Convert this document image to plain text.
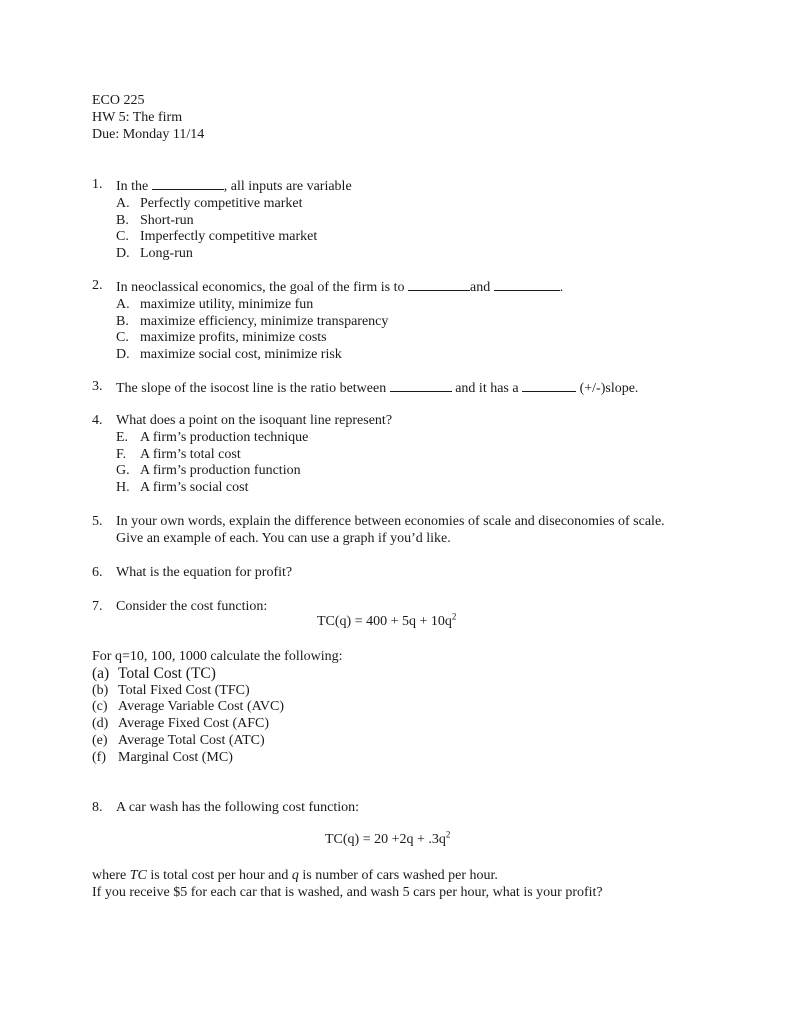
ECO 225
HW 5: The firm
Due: Monday 11/14
1. In the	, all inputs are variable
A. Perfectly competitive market
B. Short-run
C. Imperfectly competitive market
D. Long-run
2. In neoclassical economics, the goal of the firm is to	and	.
A. maximize utility, minimize fun
B. maximize efficiency, minimize transparency
C. maximize profits, minimize costs
D. maximize social cost, minimize risk
3. The slope of the isocost line is the ratio between	and it has a	(+/-)slope.
4. What does a point on the isoquant line represent?
E. A firm’s production technique
F. A firm’s total cost
G. A firm’s production function
H. A firm’s social cost
5. In your own words, explain the difference between economies of scale and diseconomies of scale. Give an example of each. You can use a graph if you’d like.
6. What is the equation for profit?
7. Consider the cost function:
$TC(q) = 400 + 5q + 10q^2$
For q=10, 100, 1000 calculate the following:
(a) Total Cost (TC)
(b) Total Fixed Cost (TFC)
(c) Average Variable Cost (AVC)
(d) Average Fixed Cost (AFC)
(e) Average Total Cost (ATC)
(f) Marginal Cost (MC)
8. A car wash has the following cost function:
$TC(q) = 20 +2q + .3q^2$
where TC is total cost per hour and q is number of cars washed per hour.
If you receive $5 for each car that is washed, and wash 5 cars per hour, what is your profit?
